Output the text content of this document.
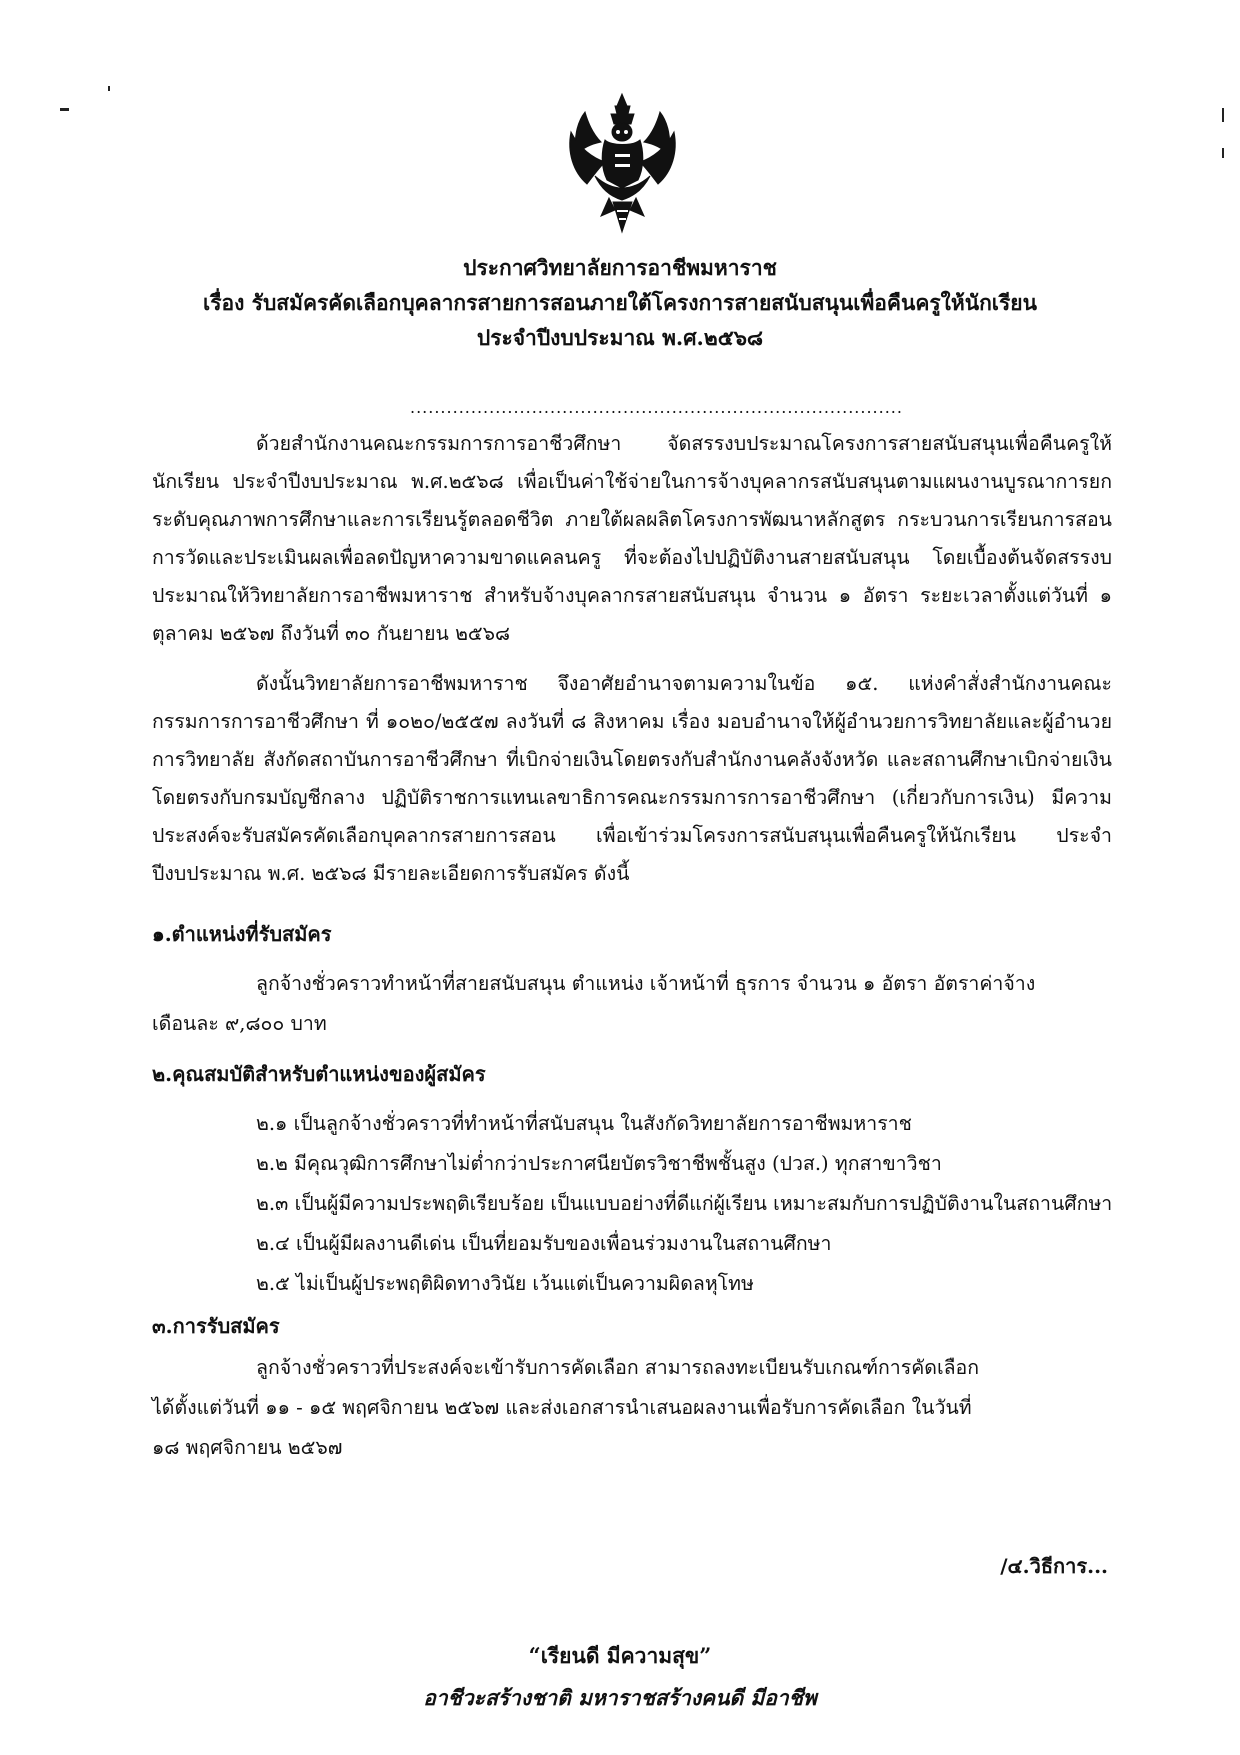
ประกาศวิทยาลัยการอาชีพมหาราช
เรื่อง รับสมัครคัดเลือกบุคลากรสายการสอนภายใต้โครงการสายสนับสนุนเพื่อคืนครูให้นักเรียน
ประจำปีงบประมาณ พ.ศ.๒๕๖๘
.................................................................................
ด้วยสำนักงานคณะกรรมการการอาชีวศึกษา จัดสรรงบประมาณโครงการสายสนับสนุนเพื่อคืนครูให้นักเรียน ประจำปีงบประมาณ พ.ศ.๒๕๖๘ เพื่อเป็นค่าใช้จ่ายในการจ้างบุคลากรสนับสนุนตามแผนงานบูรณาการยกระดับคุณภาพการศึกษาและการเรียนรู้ตลอดชีวิต ภายใต้ผลผลิตโครงการพัฒนาหลักสูตร กระบวนการเรียนการสอน การวัดและประเมินผลเพื่อลดปัญหาความขาดแคลนครู ที่จะต้องไปปฏิบัติงานสายสนับสนุน โดยเบื้องต้นจัดสรรงบประมาณให้วิทยาลัยการอาชีพมหาราช สำหรับจ้างบุคลากรสายสนับสนุน จำนวน ๑ อัตรา ระยะเวลาตั้งแต่วันที่ ๑ ตุลาคม ๒๕๖๗ ถึงวันที่ ๓๐ กันยายน ๒๕๖๘
ดังนั้นวิทยาลัยการอาชีพมหาราช จึงอาศัยอำนาจตามความในข้อ ๑๕. แห่งคำสั่งสำนักงานคณะกรรมการการอาชีวศึกษา ที่ ๑๐๒๐/๒๕๕๗ ลงวันที่ ๘ สิงหาคม เรื่อง มอบอำนาจให้ผู้อำนวยการวิทยาลัยและผู้อำนวยการวิทยาลัย สังกัดสถาบันการอาชีวศึกษา ที่เบิกจ่ายเงินโดยตรงกับสำนักงานคลังจังหวัด และสถานศึกษาเบิกจ่ายเงินโดยตรงกับกรมบัญชีกลาง ปฏิบัติราชการแทนเลขาธิการคณะกรรมการการอาชีวศึกษา (เกี่ยวกับการเงิน) มีความประสงค์จะรับสมัครคัดเลือกบุคลากรสายการสอน เพื่อเข้าร่วมโครงการสนับสนุนเพื่อคืนครูให้นักเรียน ประจำปีงบประมาณ พ.ศ. ๒๕๖๘ มีรายละเอียดการรับสมัคร ดังนี้
๑.ตำแหน่งที่รับสมัคร
ลูกจ้างชั่วคราวทำหน้าที่สายสนับสนุน ตำแหน่ง เจ้าหน้าที่ ธุรการ จำนวน ๑ อัตรา อัตราค่าจ้าง
เดือนละ ๙,๘๐๐ บาท
๒.คุณสมบัติสำหรับตำแหน่งของผู้สมัคร
๒.๑ เป็นลูกจ้างชั่วคราวที่ทำหน้าที่สนับสนุน ในสังกัดวิทยาลัยการอาชีพมหาราช
๒.๒ มีคุณวุฒิการศึกษาไม่ต่ำกว่าประกาศนียบัตรวิชาชีพชั้นสูง (ปวส.) ทุกสาขาวิชา
๒.๓ เป็นผู้มีความประพฤติเรียบร้อย เป็นแบบอย่างที่ดีแก่ผู้เรียน เหมาะสมกับการปฏิบัติงานในสถานศึกษา
๒.๔ เป็นผู้มีผลงานดีเด่น เป็นที่ยอมรับของเพื่อนร่วมงานในสถานศึกษา
๒.๕ ไม่เป็นผู้ประพฤติผิดทางวินัย เว้นแต่เป็นความผิดลหุโทษ
๓.การรับสมัคร
ลูกจ้างชั่วคราวที่ประสงค์จะเข้ารับการคัดเลือก สามารถลงทะเบียนรับเกณฑ์การคัดเลือก
ได้ตั้งแต่วันที่ ๑๑ - ๑๕ พฤศจิกายน ๒๕๖๗ และส่งเอกสารนำเสนอผลงานเพื่อรับการคัดเลือก ในวันที่
๑๘ พฤศจิกายน ๒๕๖๗
/๔.วิธีการ...
“เรียนดี มีความสุข”
อาชีวะสร้างชาติ มหาราชสร้างคนดี มีอาชีพ
